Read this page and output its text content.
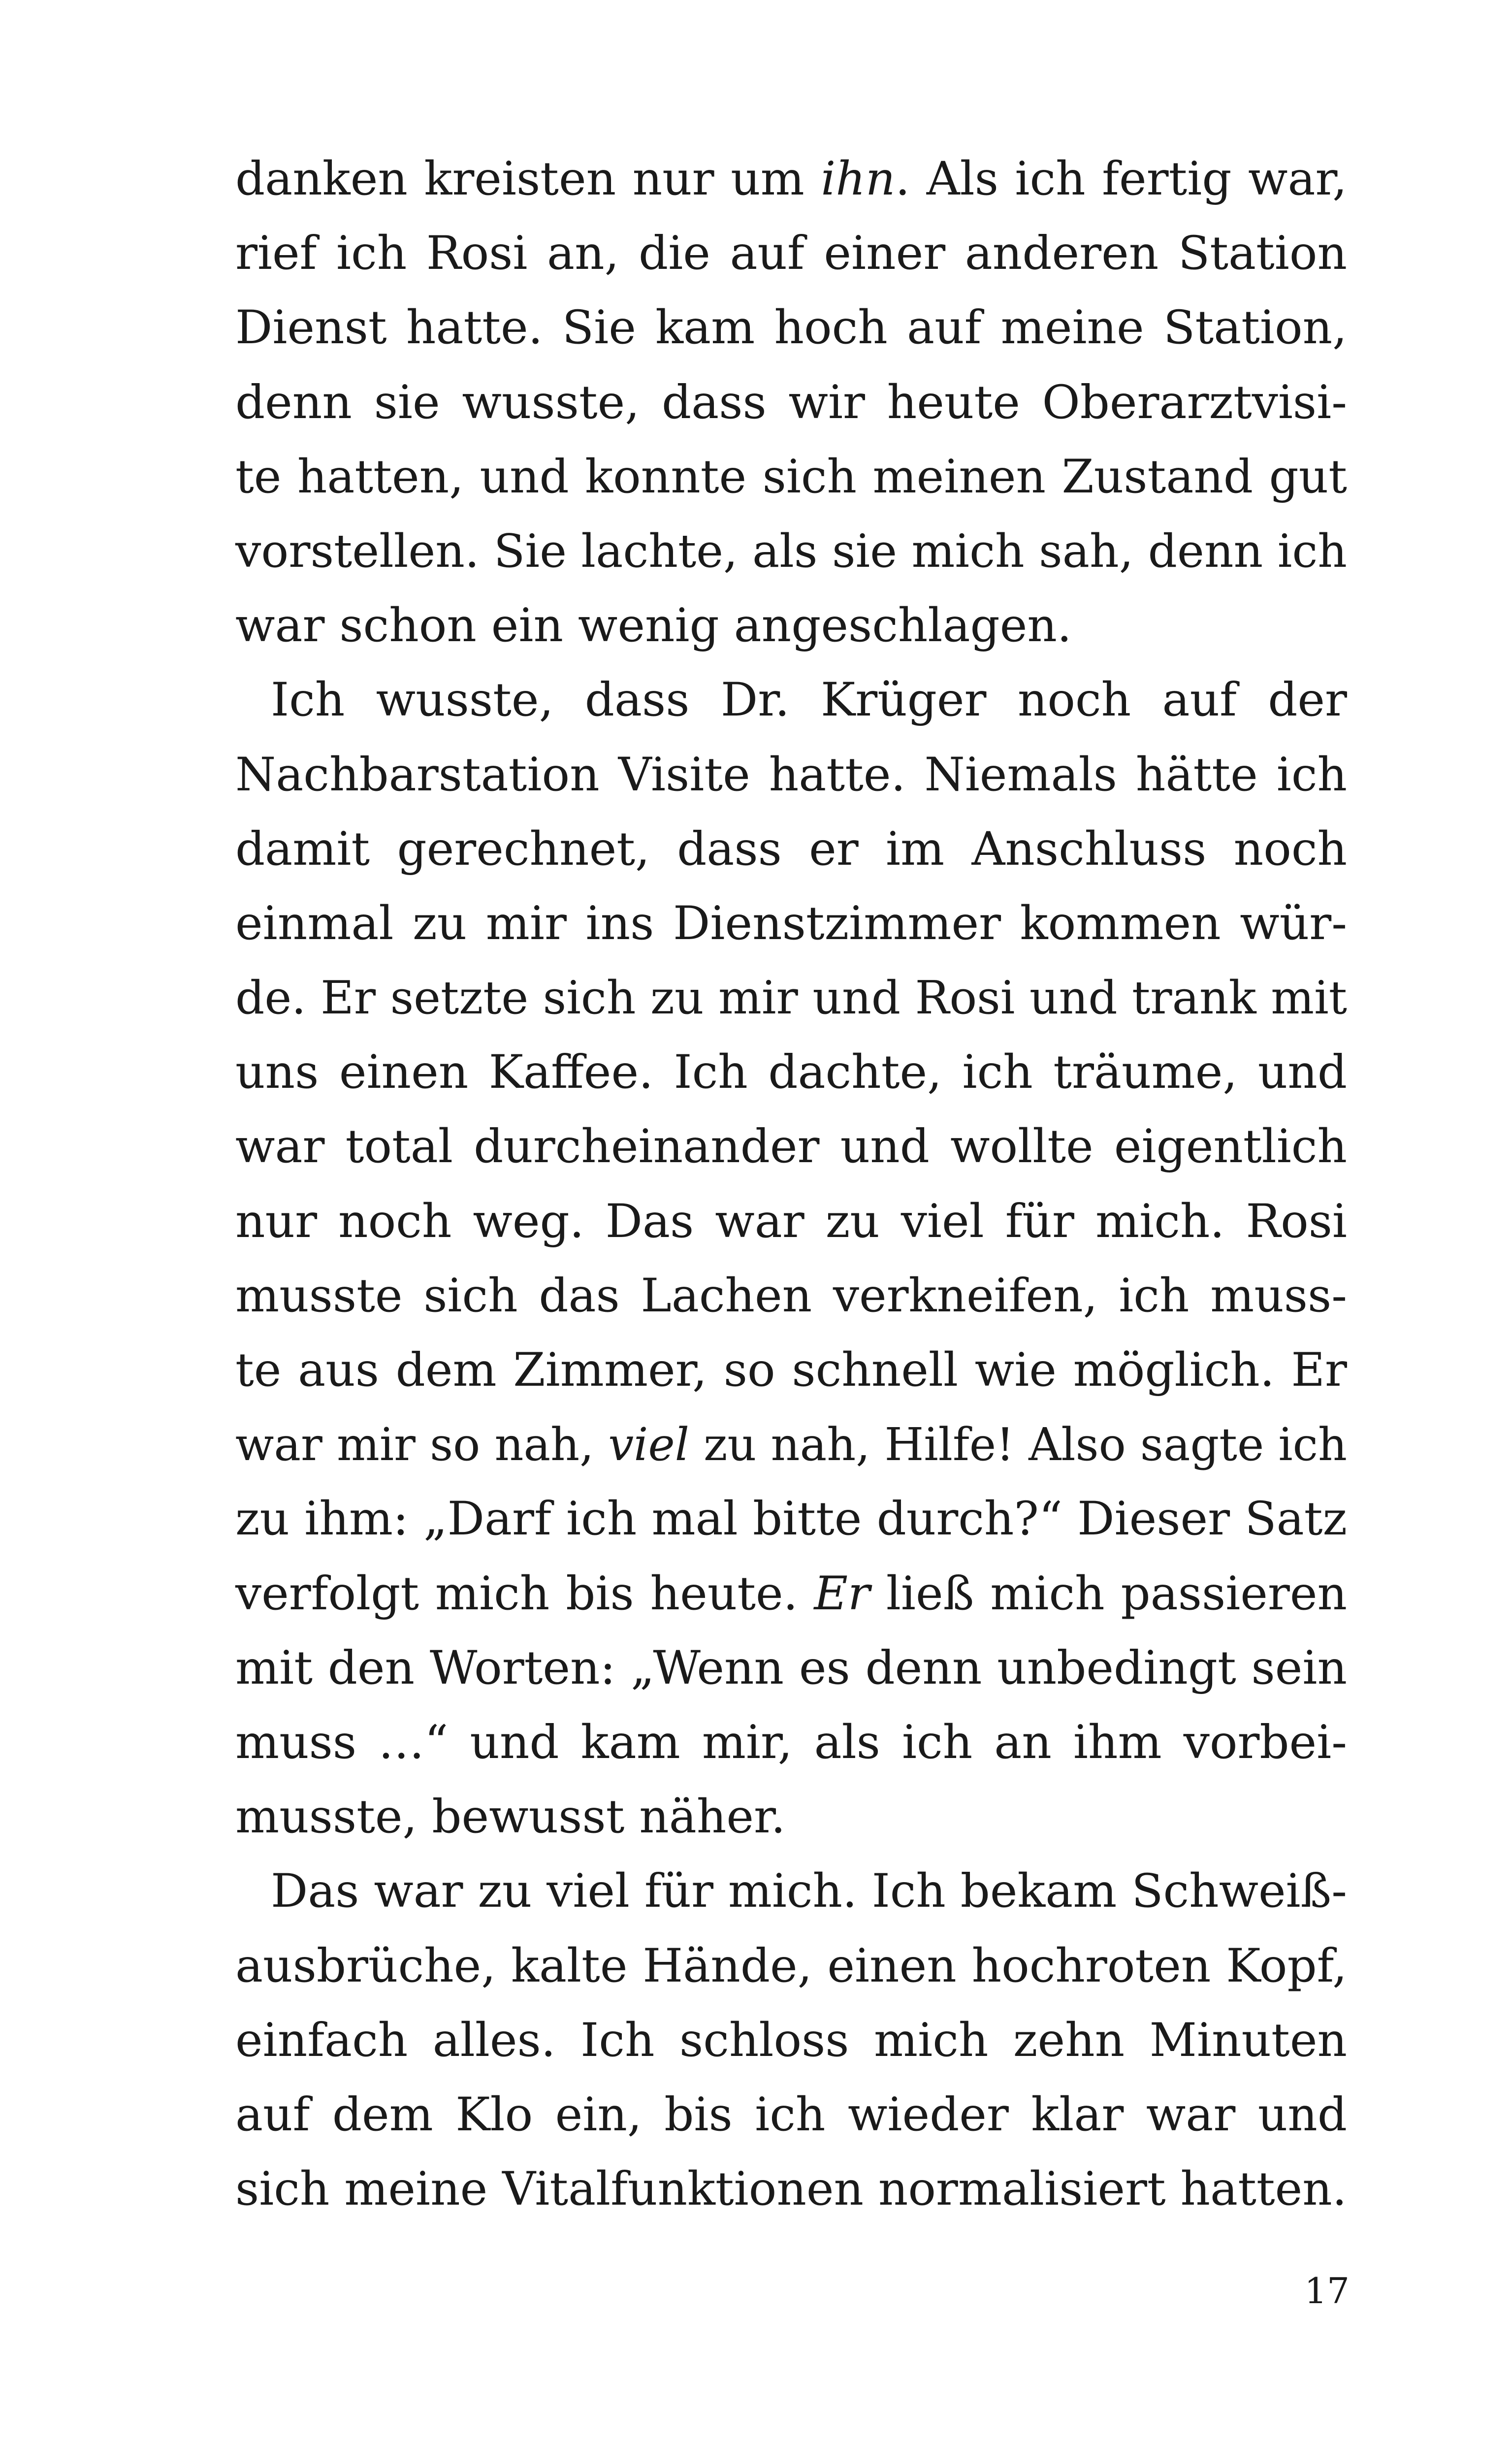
danken kreisten nur um ihn. Als ich fertig war,
rief ich Rosi an, die auf einer anderen Station
Dienst hatte. Sie kam hoch auf meine Station,
denn sie wusste, dass wir heute Oberarztvisi-
te hatten, und konnte sich meinen Zustand gut
vorstellen. Sie lachte, als sie mich sah, denn ich
war schon ein wenig angeschlagen.
Ich wusste, dass Dr. Krüger noch auf der
Nachbarstation Visite hatte. Niemals hätte ich
damit gerechnet, dass er im Anschluss noch
einmal zu mir ins Dienstzimmer kommen wür-
de. Er setzte sich zu mir und Rosi und trank mit
uns einen Kaffee. Ich dachte, ich träume, und
war total durcheinander und wollte eigentlich
nur noch weg. Das war zu viel für mich. Rosi
musste sich das Lachen verkneifen, ich muss-
te aus dem Zimmer, so schnell wie möglich. Er
war mir so nah, viel zu nah, Hilfe! Also sagte ich
zu ihm: „Darf ich mal bitte durch?“ Dieser Satz
verfolgt mich bis heute. Er ließ mich passieren
mit den Worten: „Wenn es denn unbedingt sein
muss …“ und kam mir, als ich an ihm vorbei-
musste, bewusst näher.
Das war zu viel für mich. Ich bekam Schweiß-
ausbrüche, kalte Hände, einen hochroten Kopf,
einfach alles. Ich schloss mich zehn Minuten
auf dem Klo ein, bis ich wieder klar war und
sich meine Vitalfunktionen normalisiert hatten.
17
